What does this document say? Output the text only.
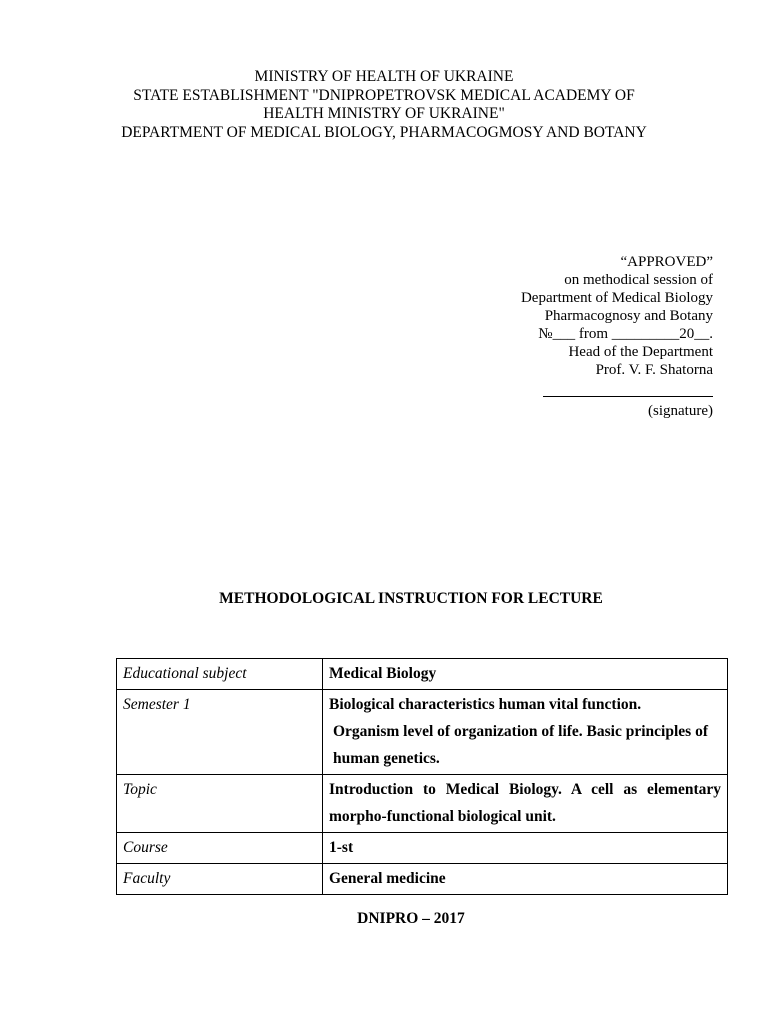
MINISTRY OF HEALTH OF UKRAINE
STATE ESTABLISHMENT "DNIPROPETROVSK MEDICAL ACADEMY OF
HEALTH MINISTRY OF UKRAINE"
DEPARTMENT OF MEDICAL BIOLOGY, PHARMACOGMOSY AND BOTANY
“APPROVED”
on methodical session of
Department of Medical Biology
Pharmacognosy and Botany
№___ from _________20__.
Head of the Department
Prof. V. F. Shatorna
(signature)
METHODOLOGICAL INSTRUCTION FOR LECTURE
Educational subject	Medical Biology
Semester 1	Biological characteristics human vital function.
Organism level of organization of life. Basic principles of human genetics.

Topic	Introduction to Medical Biology. A cell as elementary morpho-functional biological unit.
Course	1-st
Faculty	General medicine
DNIPRO – 2017
